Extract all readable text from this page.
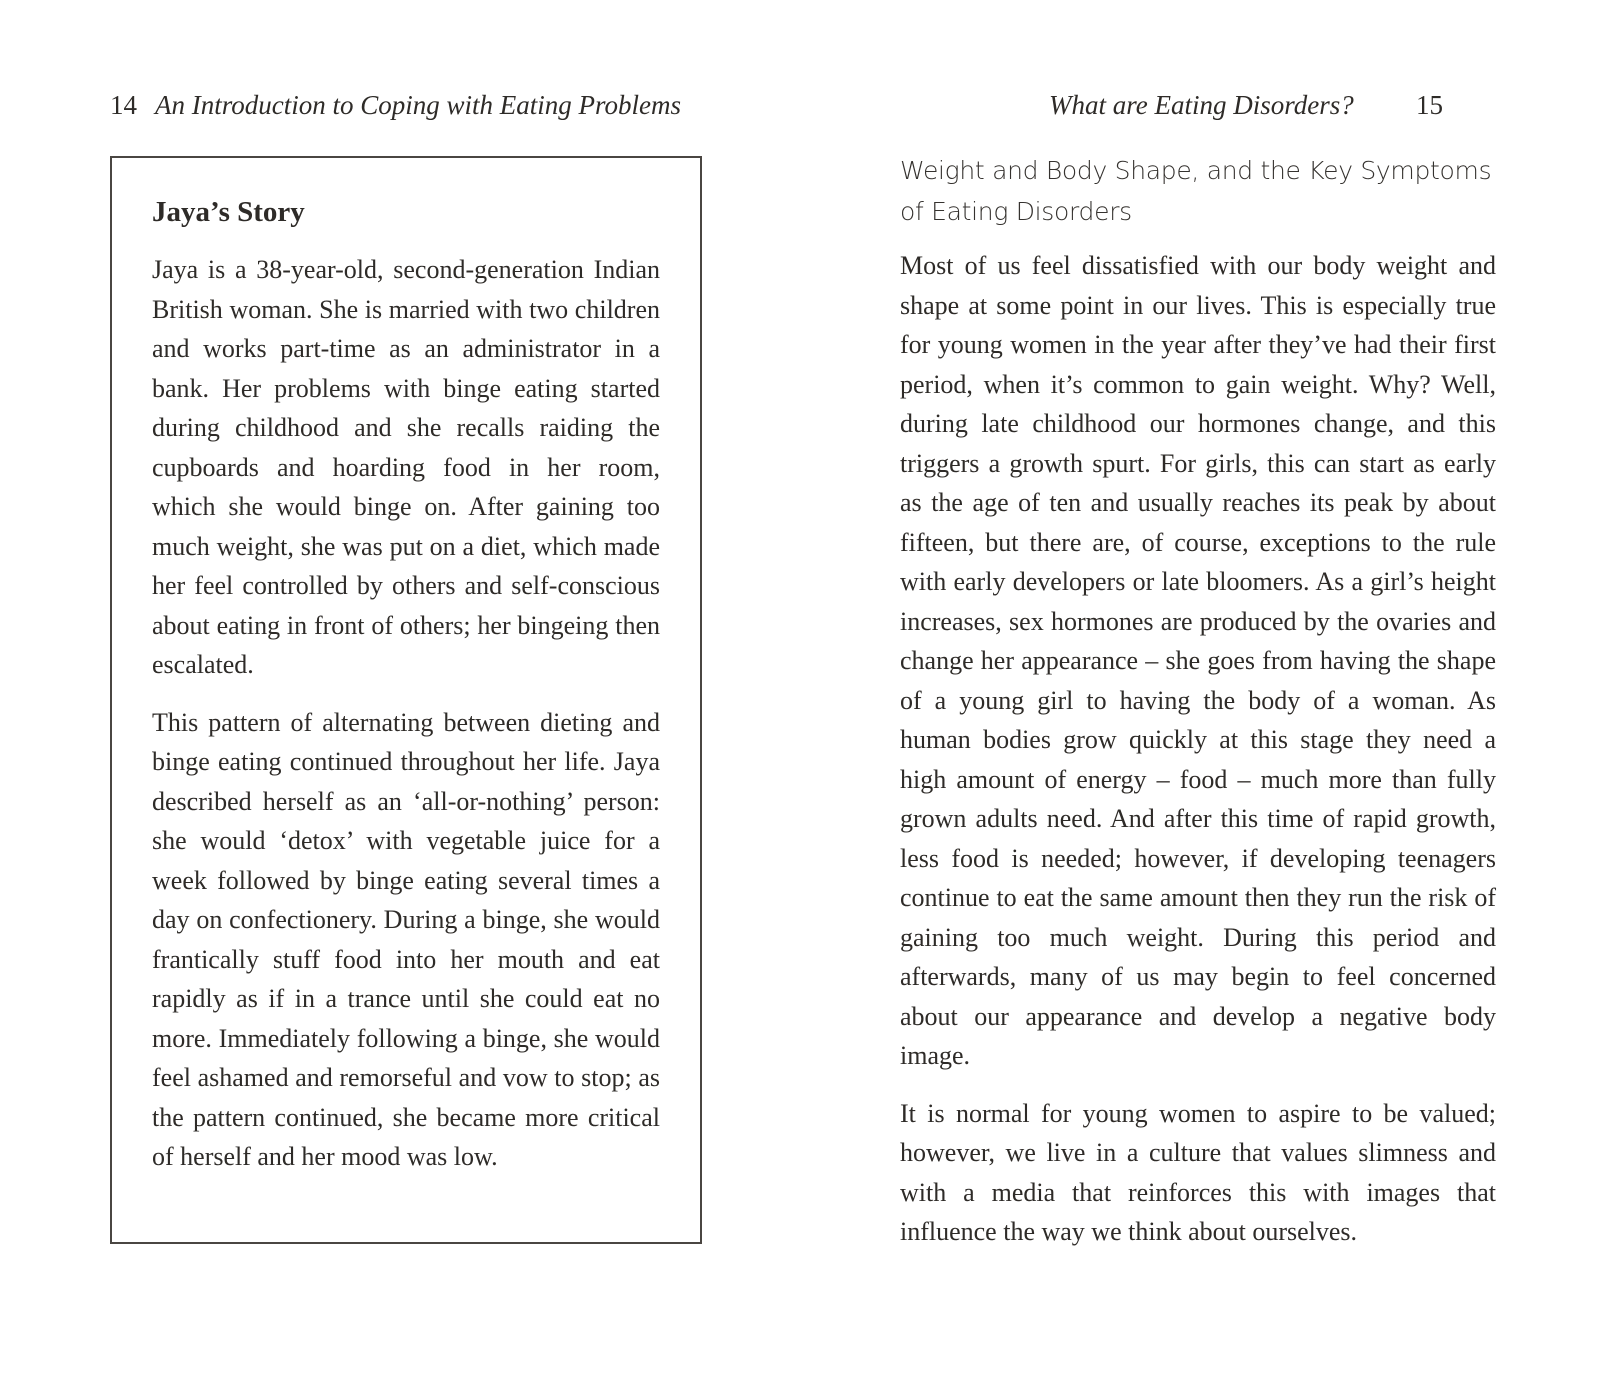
14 An Introduction to Coping with Eating Problems
Jaya’s Story

Jaya is a 38-year-old, second-generation Indian British woman. She is married with two children and works part-time as an administrator in a bank. Her problems with binge eating started during childhood and she recalls raiding the cupboards and hoarding food in her room, which she would binge on. After gaining too much weight, she was put on a diet, which made her feel controlled by others and self-conscious about eating in front of others; her bingeing then escalated.

This pattern of alternating between dieting and binge eating continued throughout her life. Jaya described herself as an ‘all-or-nothing’ person: she would ‘detox’ with vegetable juice for a week followed by binge eating several times a day on confectionery. During a binge, she would frantically stuff food into her mouth and eat rapidly as if in a trance until she could eat no more. Immediately following a binge, she would feel ashamed and remorseful and vow to stop; as the pattern continued, she became more critical of herself and her mood was low.

What are Eating Disorders? 15
Weight and Body Shape, and the Key Symptoms of Eating Disorders

Most of us feel dissatisfied with our body weight and shape at some point in our lives. This is especially true for young women in the year after they’ve had their first period, when it’s common to gain weight. Why? Well, during late childhood our hormones change, and this triggers a growth spurt. For girls, this can start as early as the age of ten and usually reaches its peak by about fifteen, but there are, of course, exceptions to the rule with early developers or late bloomers. As a girl’s height increases, sex hormones are produced by the ovaries and change her appearance – she goes from having the shape of a young girl to having the body of a woman. As human bodies grow quickly at this stage they need a high amount of energy – food – much more than fully grown adults need. And after this time of rapid growth, less food is needed; however, if developing teenagers continue to eat the same amount then they run the risk of gaining too much weight. During this period and afterwards, many of us may begin to feel concerned about our appearance and develop a negative body image.

It is normal for young women to aspire to be valued; however, we live in a culture that values slimness and with a media that reinforces this with images that influence the way we think about ourselves.
